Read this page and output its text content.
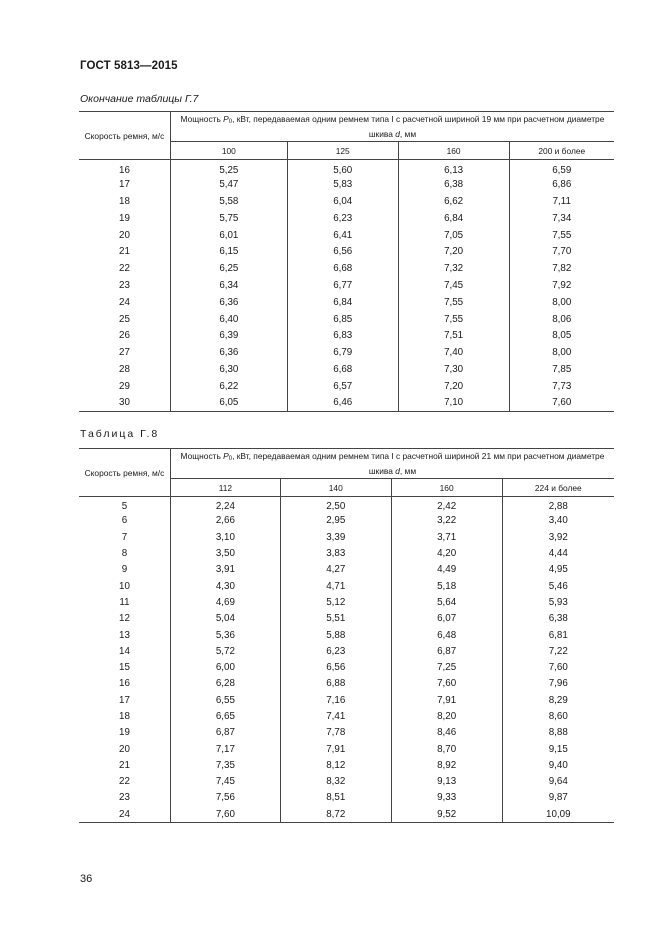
ГОСТ 5813—2015
Окончание таблицы Г.7
Скорость ремня, м/с	Мощность P0, кВт, передаваемая одним ремнем типа I с расчетной шириной 19 мм при расчетном диаметре шкива d, мм			
	100	125	160	200 и более
16	5,25	5,60	6,13	6,59
17	5,47	5,83	6,38	6,86
18	5,58	6,04	6,62	7,11
19	5,75	6,23	6,84	7,34
20	6,01	6,41	7,05	7,55
21	6,15	6,56	7,20	7,70
22	6,25	6,68	7,32	7,82
23	6,34	6,77	7,45	7,92
24	6,36	6,84	7,55	8,00
25	6,40	6,85	7,55	8,06
26	6,39	6,83	7,51	8,05
27	6,36	6,79	7,40	8,00
28	6,30	6,68	7,30	7,85
29	6,22	6,57	7,20	7,73
30	6,05	6,46	7,10	7,60
Таблица Г.8
Скорость ремня, м/с	Мощность P0, кВт, передаваемая одним ремнем типа I с расчетной шириной 21 мм при расчетном диаметре шкива d, мм			
	112	140	160	224 и более
5	2,24	2,50	2,42	2,88
6	2,66	2,95	3,22	3,40
7	3,10	3,39	3,71	3,92
8	3,50	3,83	4,20	4,44
9	3,91	4,27	4,49	4,95
10	4,30	4,71	5,18	5,46
11	4,69	5,12	5,64	5,93
12	5,04	5,51	6,07	6,38
13	5,36	5,88	6,48	6,81
14	5,72	6,23	6,87	7,22
15	6,00	6,56	7,25	7,60
16	6,28	6,88	7,60	7,96
17	6,55	7,16	7,91	8,29
18	6,65	7,41	8,20	8,60
19	6,87	7,78	8,46	8,88
20	7,17	7,91	8,70	9,15
21	7,35	8,12	8,92	9,40
22	7,45	8,32	9,13	9,64
23	7,56	8,51	9,33	9,87
24	7,60	8,72	9,52	10,09
36
